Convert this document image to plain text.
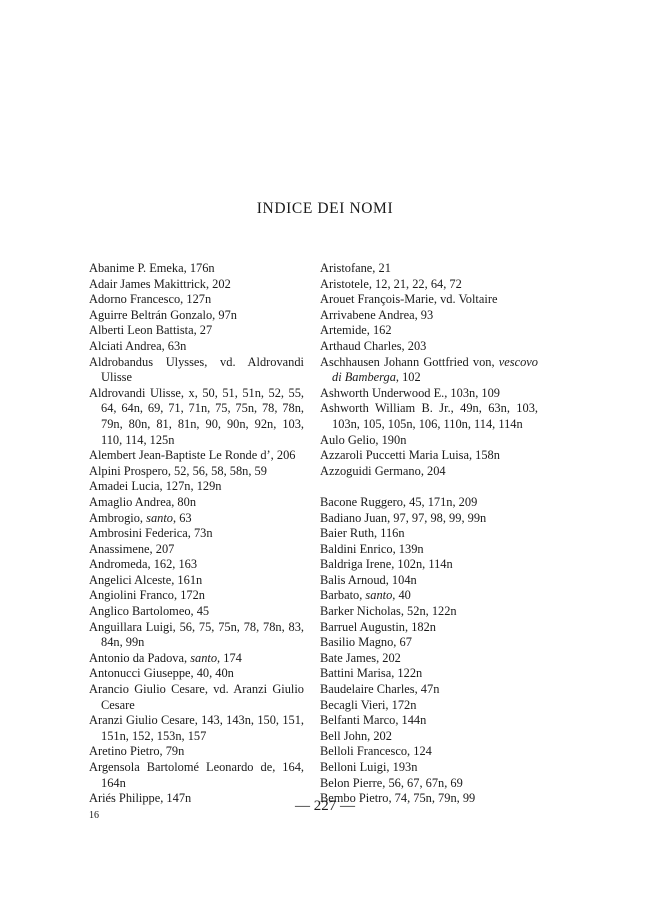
INDICE DEI NOMI
Abanime P. Emeka, 176n
Adair James Makittrick, 202
Adorno Francesco, 127n
Aguirre Beltrán Gonzalo, 97n
Alberti Leon Battista, 27
Alciati Andrea, 63n
Aldrobandus Ulysses, vd. Aldrovandi Ulisse
Aldrovandi Ulisse, x, 50, 51, 51n, 52, 55, 64, 64n, 69, 71, 71n, 75, 75n, 78, 78n, 79n, 80n, 81, 81n, 90, 90n, 92n, 103, 110, 114, 125n
Alembert Jean-Baptiste Le Ronde d’, 206
Alpini Prospero, 52, 56, 58, 58n, 59
Amadei Lucia, 127n, 129n
Amaglio Andrea, 80n
Ambrogio, santo, 63
Ambrosini Federica, 73n
Anassimene, 207
Andromeda, 162, 163
Angelici Alceste, 161n
Angiolini Franco, 172n
Anglico Bartolomeo, 45
Anguillara Luigi, 56, 75, 75n, 78, 78n, 83, 84n, 99n
Antonio da Padova, santo, 174
Antonucci Giuseppe, 40, 40n
Arancio Giulio Cesare, vd. Aranzi Giulio Cesare
Aranzi Giulio Cesare, 143, 143n, 150, 151, 151n, 152, 153n, 157
Aretino Pietro, 79n
Argensola Bartolomé Leonardo de, 164, 164n
Ariés Philippe, 147n
Aristofane, 21
Aristotele, 12, 21, 22, 64, 72
Arouet François-Marie, vd. Voltaire
Arrivabene Andrea, 93
Artemide, 162
Arthaud Charles, 203
Aschhausen Johann Gottfried von, vescovo di Bamberga, 102
Ashworth Underwood E., 103n, 109
Ashworth William B. Jr., 49n, 63n, 103, 103n, 105, 105n, 106, 110n, 114, 114n
Aulo Gelio, 190n
Azzaroli Puccetti Maria Luisa, 158n
Azzoguidi Germano, 204
Bacone Ruggero, 45, 171n, 209
Badiano Juan, 97, 97, 98, 99, 99n
Baier Ruth, 116n
Baldini Enrico, 139n
Baldriga Irene, 102n, 114n
Balis Arnoud, 104n
Barbato, santo, 40
Barker Nicholas, 52n, 122n
Barruel Augustin, 182n
Basilio Magno, 67
Bate James, 202
Battini Marisa, 122n
Baudelaire Charles, 47n
Becagli Vieri, 172n
Belfanti Marco, 144n
Bell John, 202
Belloli Francesco, 124
Belloni Luigi, 193n
Belon Pierre, 56, 67, 67n, 69
Bembo Pietro, 74, 75n, 79n, 99
— 227 —
16
